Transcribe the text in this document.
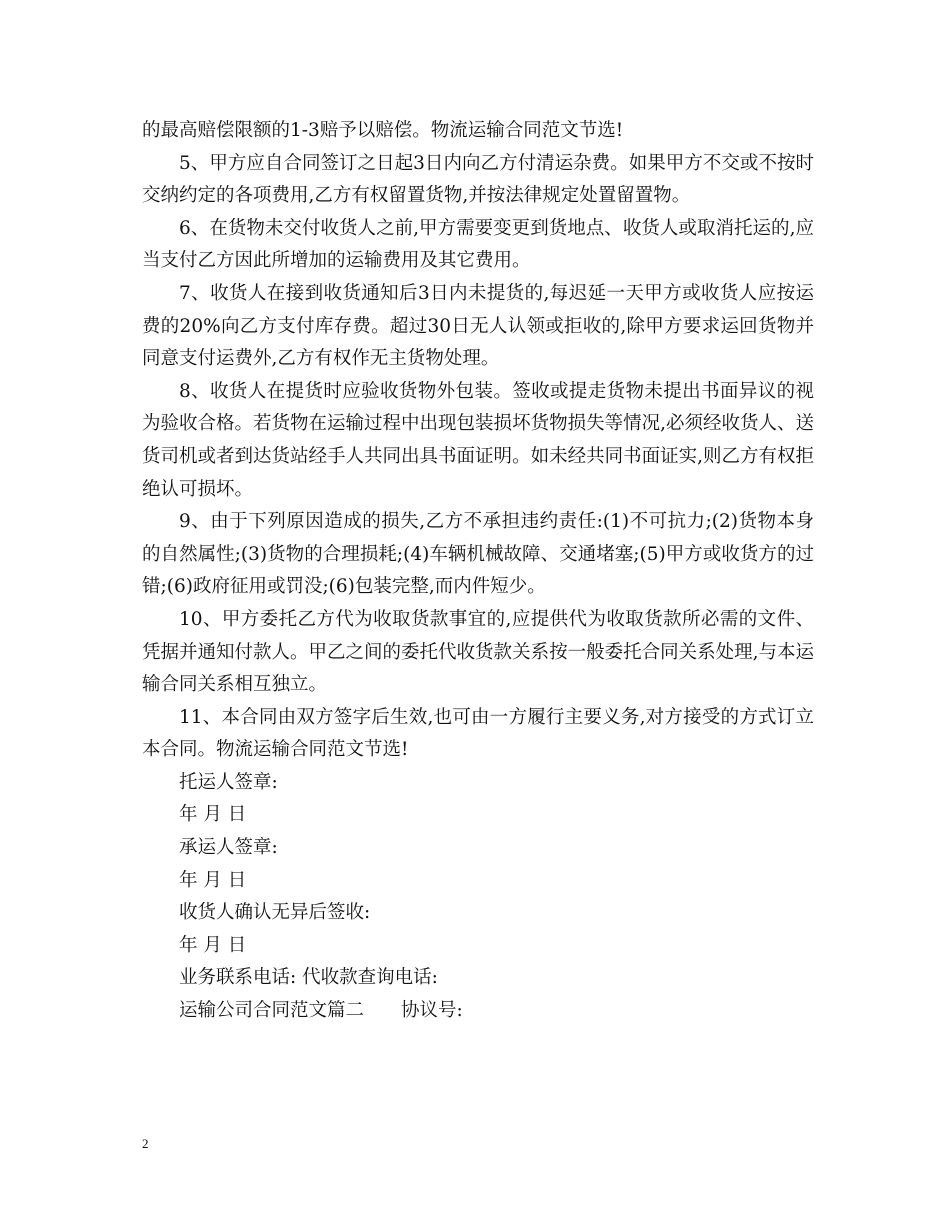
的最高赔偿限额的1-3赔予以赔偿。物流运输合同范文节选!

5、甲方应自合同签订之日起3日内向乙方付清运杂费。如果甲方不交或不按时交纳约定的各项费用,乙方有权留置货物,并按法律规定处置留置物。

6、在货物未交付收货人之前,甲方需要变更到货地点、收货人或取消托运的,应当支付乙方因此所增加的运输费用及其它费用。

7、收货人在接到收货通知后3日内未提货的,每迟延一天甲方或收货人应按运费的20%向乙方支付库存费。超过30日无人认领或拒收的,除甲方要求运回货物并同意支付运费外,乙方有权作无主货物处理。

8、收货人在提货时应验收货物外包装。签收或提走货物未提出书面异议的视为验收合格。若货物在运输过程中出现包装损坏货物损失等情况,必须经收货人、送货司机或者到达货站经手人共同出具书面证明。如未经共同书面证实,则乙方有权拒绝认可损坏。

9、由于下列原因造成的损失,乙方不承担违约责任:(1)不可抗力;(2)货物本身的自然属性;(3)货物的合理损耗;(4)车辆机械故障、交通堵塞;(5)甲方或收货方的过错;(6)政府征用或罚没;(6)包装完整,而内件短少。

10、甲方委托乙方代为收取货款事宜的,应提供代为收取货款所必需的文件、凭据并通知付款人。甲乙之间的委托代收货款关系按一般委托合同关系处理,与本运输合同关系相互独立。

11、本合同由双方签字后生效,也可由一方履行主要义务,对方接受的方式订立本合同。物流运输合同范文节选!

托运人签章:

年 月 日

承运人签章:

年 月 日

收货人确认无异后签收:

年 月 日

业务联系电话: 代收款查询电话:

运输公司合同范文篇二　　协议号:

2
